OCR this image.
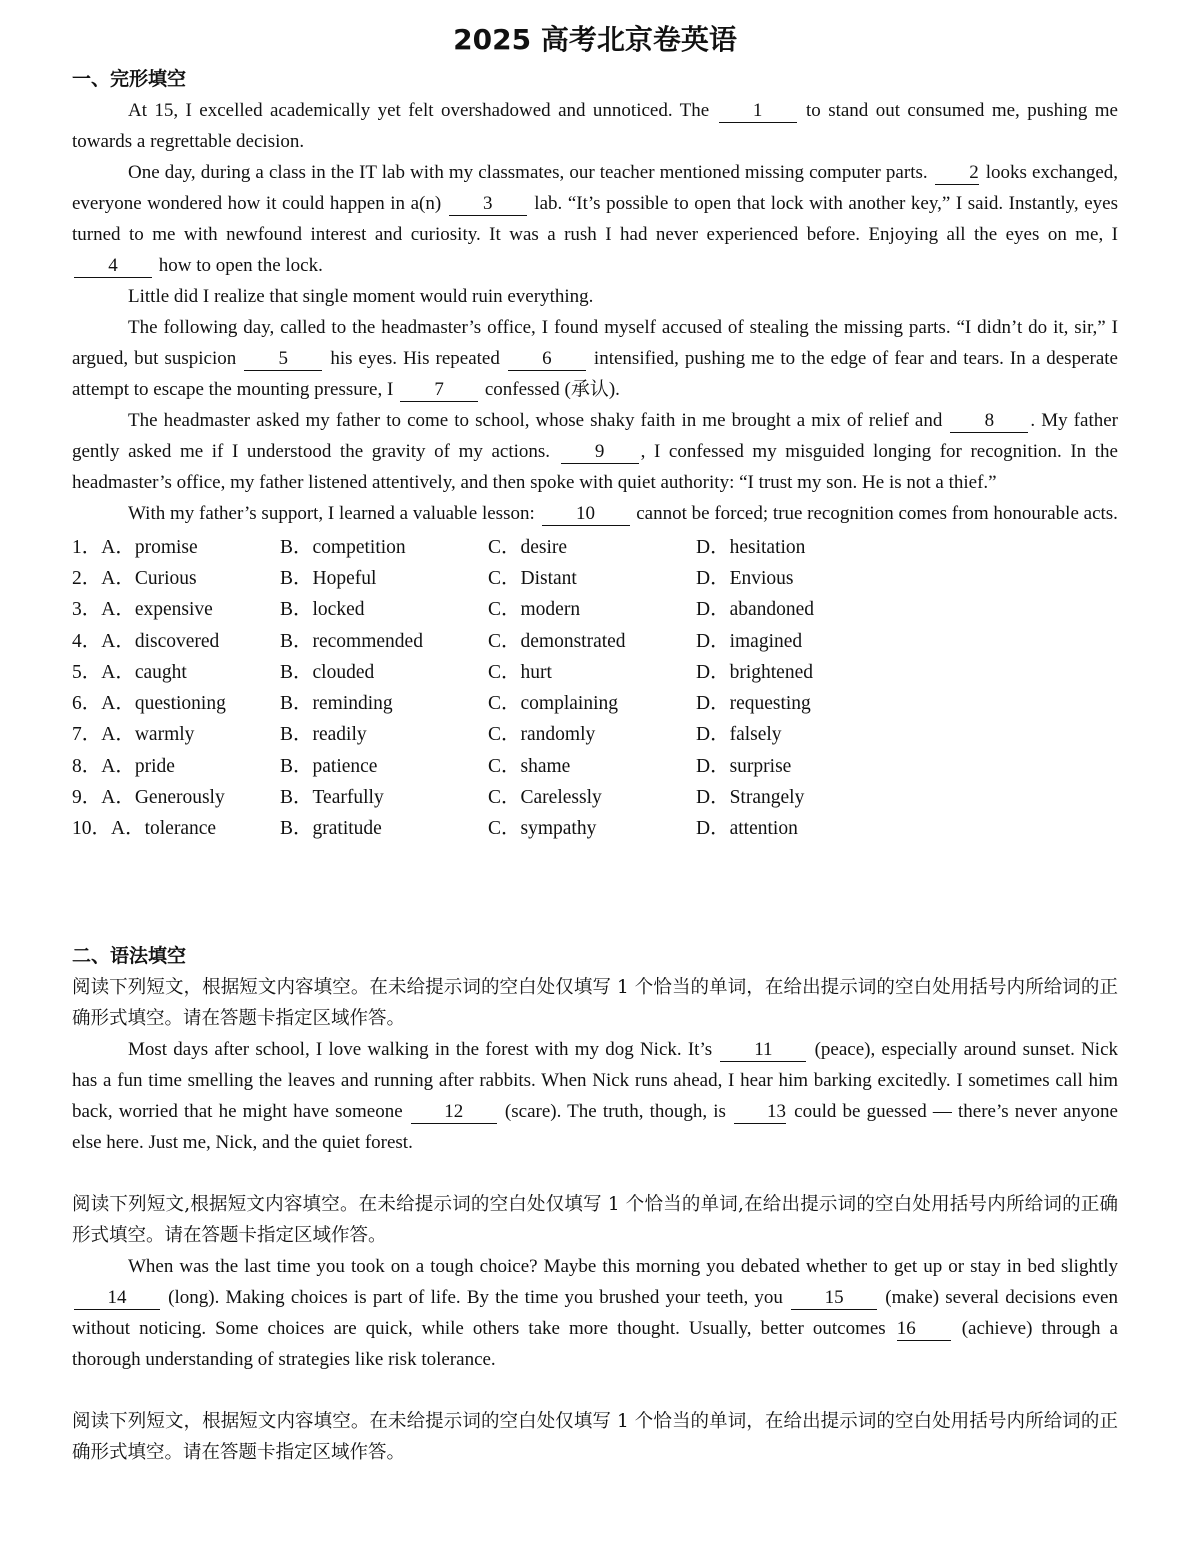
2025 高考北京卷英语
一、完形填空

At 15, I excelled academically yet felt overshadowed and unnoticed. The 1 to stand out consumed me, pushing me towards a regrettable decision.

One day, during a class in the IT lab with my classmates, our teacher mentioned missing computer parts. 2 looks exchanged, everyone wondered how it could happen in a(n) 3 lab. “It’s possible to open that lock with another key,” I said. Instantly, eyes turned to me with newfound interest and curiosity. It was a rush I had never experienced before. Enjoying all the eyes on me, I 4 how to open the lock.

Little did I realize that single moment would ruin everything.

The following day, called to the headmaster’s office, I found myself accused of stealing the missing parts. “I didn’t do it, sir,” I argued, but suspicion 5 his eyes. His repeated 6 intensified, pushing me to the edge of fear and tears. In a desperate attempt to escape the mounting pressure, I 7 confessed (承认).

The headmaster asked my father to come to school, whose shaky faith in me brought a mix of relief and 8 . My father gently asked me if I understood the gravity of my actions. 9 , I confessed my misguided longing for recognition. In the headmaster’s office, my father listened attentively, and then spoke with quiet authority: “I trust my son. He is not a thief.”

With my father’s support, I learned a valuable lesson: 10 cannot be forced; true recognition comes from honourable acts.

1．A．promise	B．competition	C．desire	D．hesitation
2．A．Curious	B．Hopeful	C．Distant	D．Envious
3．A．expensive	B．locked	C．modern	D．abandoned
4．A．discovered	B．recommended	C．demonstrated	D．imagined
5．A．caught	B．clouded	C．hurt	D．brightened
6．A．questioning	B．reminding	C．complaining	D．requesting
7．A．warmly	B．readily	C．randomly	D．falsely
8．A．pride	B．patience	C．shame	D．surprise
9．A．Generously	B．Tearfully	C．Carelessly	D．Strangely
10．A．tolerance	B．gratitude	C．sympathy	D．attention
二、语法填空

阅读下列短文，根据短文内容填空。在未给提示词的空白处仅填写 1 个恰当的单词，在给出提示词的空白处用括号内所给词的正确形式填空。请在答题卡指定区域作答。

Most days after school, I love walking in the forest with my dog Nick. It’s 11 (peace), especially around sunset. Nick has a fun time smelling the leaves and running after rabbits. When Nick runs ahead, I hear him barking excitedly. I sometimes call him back, worried that he might have someone 12 (scare). The truth, though, is 13 could be guessed — there’s never anyone else here. Just me, Nick, and the quiet forest.

阅读下列短文,根据短文内容填空。在未给提示词的空白处仅填写 1 个恰当的单词,在给出提示词的空白处用括号内所给词的正确形式填空。请在答题卡指定区域作答。

When was the last time you took on a tough choice? Maybe this morning you debated whether to get up or stay in bed slightly 14 (long). Making choices is part of life. By the time you brushed your teeth, you 15 (make) several decisions even without noticing. Some choices are quick, while others take more thought. Usually, better outcomes 16 (achieve) through a thorough understanding of strategies like risk tolerance.

阅读下列短文，根据短文内容填空。在未给提示词的空白处仅填写 1 个恰当的单词，在给出提示词的空白处用括号内所给词的正确形式填空。请在答题卡指定区域作答。
